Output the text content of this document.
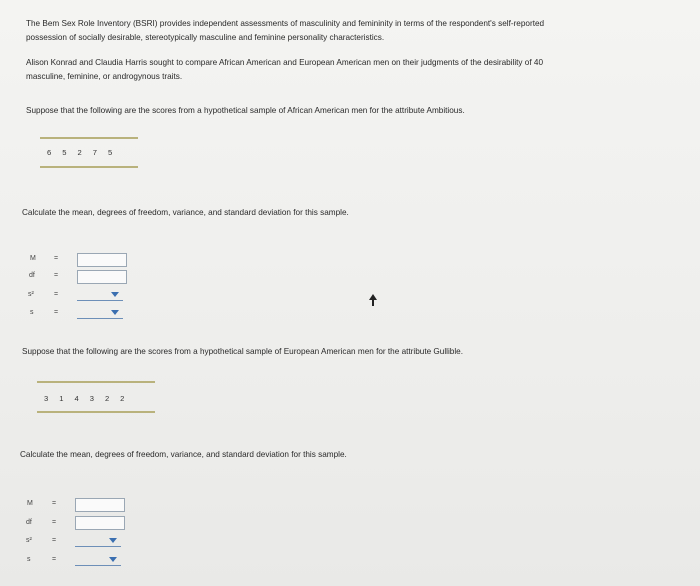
The Bem Sex Role Inventory (BSRI) provides independent assessments of masculinity and femininity in terms of the respondent's self-reported
possession of socially desirable, stereotypically masculine and feminine personality characteristics.
Alison Konrad and Claudia Harris sought to compare African American and European American men on their judgments of the desirability of 40
masculine, feminine, or androgynous traits.
Suppose that the following are the scores from a hypothetical sample of African American men for the attribute Ambitious.
6 5 2 7 5
Calculate the mean, degrees of freedom, variance, and standard deviation for this sample.
M	=
df	=
s²	=
s	=
Suppose that the following are the scores from a hypothetical sample of European American men for the attribute Gullible.
3 1 4 3 2 2
Calculate the mean, degrees of freedom, variance, and standard deviation for this sample.
M	=
df	=
s²	=
s	=
